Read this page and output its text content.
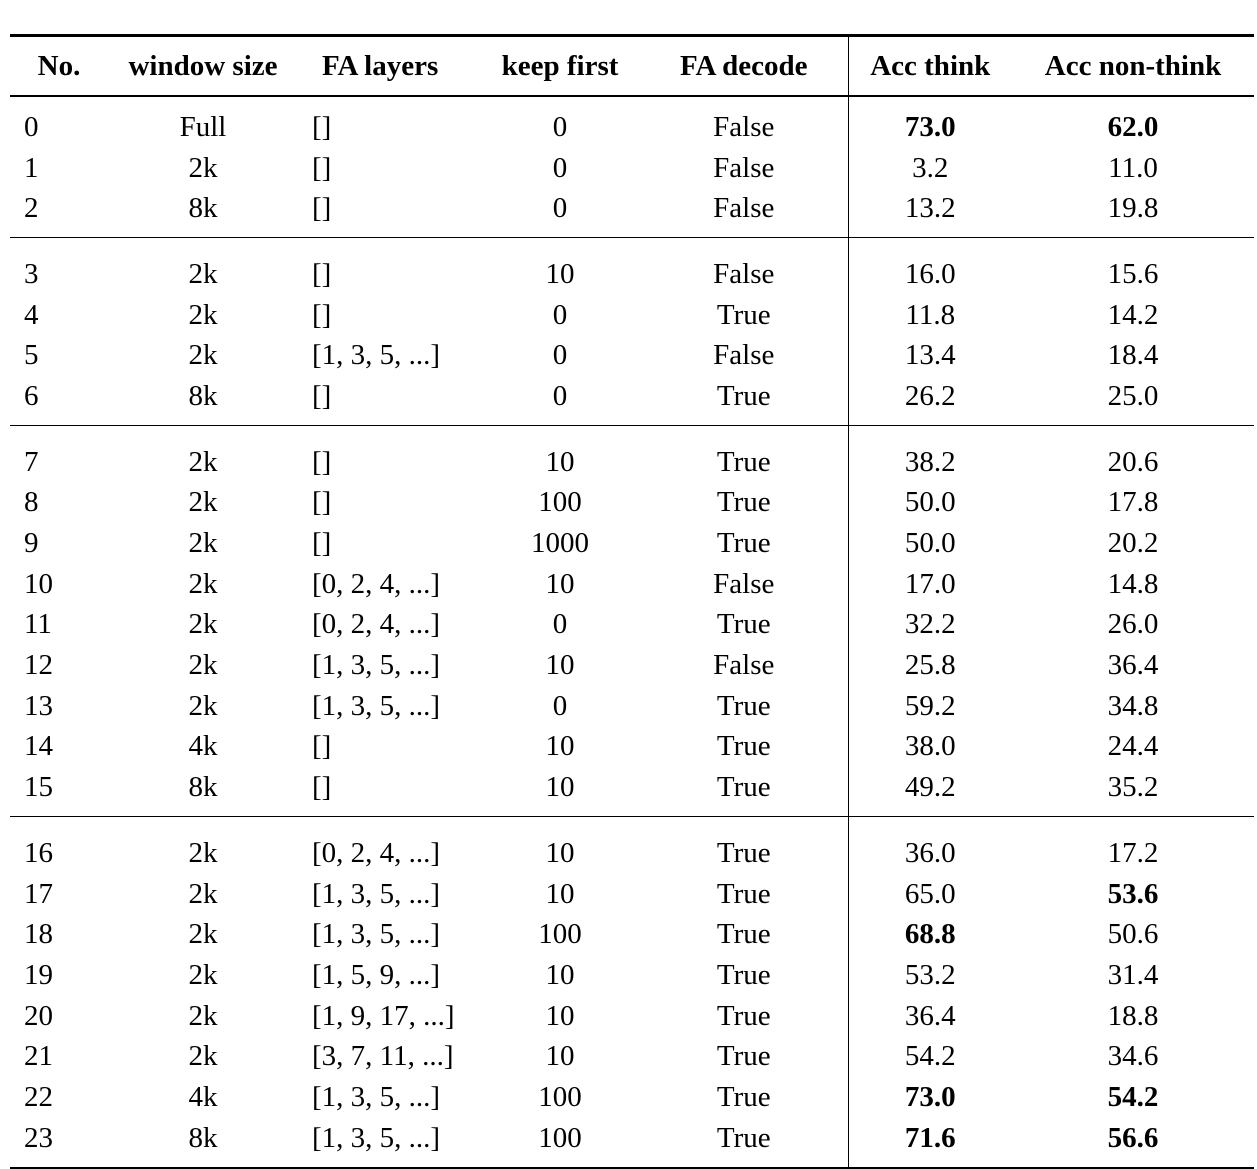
No.	window size	FA layers	keep first	FA decode	Acc think	Acc non-think
0	Full	[]	0	False	73.0	62.0
1	2k	[]	0	False	3.2	11.0
2	8k	[]	0	False	13.2	19.8
3	2k	[]	10	False	16.0	15.6
4	2k	[]	0	True	11.8	14.2
5	2k	[1, 3, 5, ...]	0	False	13.4	18.4
6	8k	[]	0	True	26.2	25.0
7	2k	[]	10	True	38.2	20.6
8	2k	[]	100	True	50.0	17.8
9	2k	[]	1000	True	50.0	20.2
10	2k	[0, 2, 4, ...]	10	False	17.0	14.8
11	2k	[0, 2, 4, ...]	0	True	32.2	26.0
12	2k	[1, 3, 5, ...]	10	False	25.8	36.4
13	2k	[1, 3, 5, ...]	0	True	59.2	34.8
14	4k	[]	10	True	38.0	24.4
15	8k	[]	10	True	49.2	35.2
16	2k	[0, 2, 4, ...]	10	True	36.0	17.2
17	2k	[1, 3, 5, ...]	10	True	65.0	53.6
18	2k	[1, 3, 5, ...]	100	True	68.8	50.6
19	2k	[1, 5, 9, ...]	10	True	53.2	31.4
20	2k	[1, 9, 17, ...]	10	True	36.4	18.8
21	2k	[3, 7, 11, ...]	10	True	54.2	34.6
22	4k	[1, 3, 5, ...]	100	True	73.0	54.2
23	8k	[1, 3, 5, ...]	100	True	71.6	56.6
